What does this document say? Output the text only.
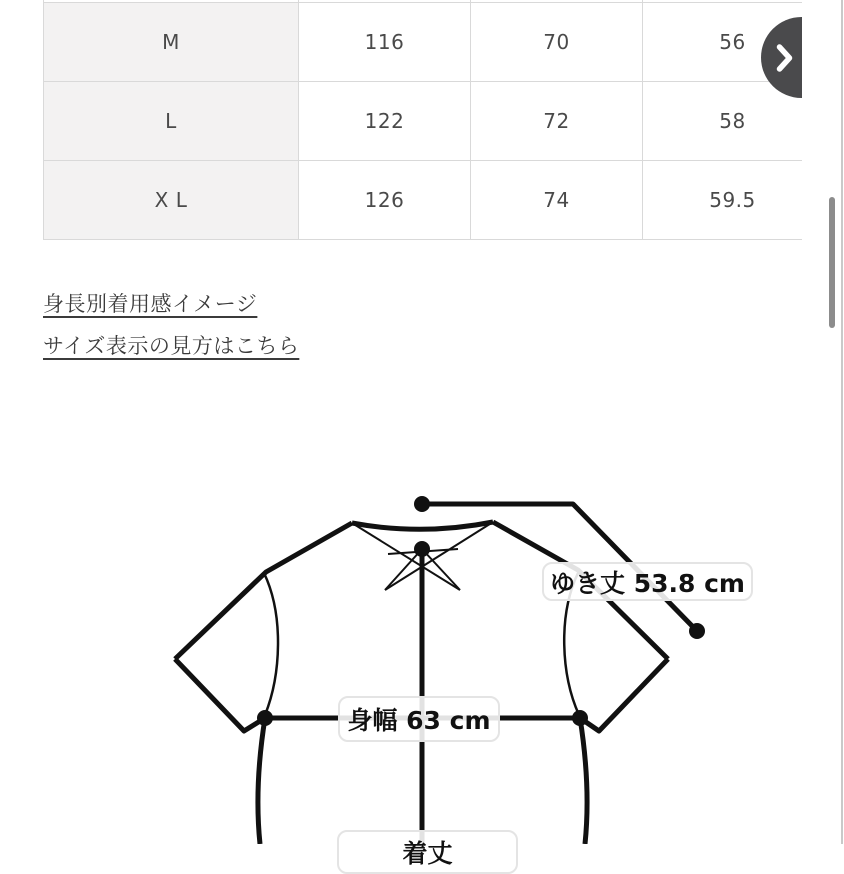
ゆき丈 53.8 cm
身幅 63 cm
着丈
M	116	70	56
L	122	72	58
X L	126	74	59.5
身長別着用感イメージ
サイズ表示の見方はこちら
